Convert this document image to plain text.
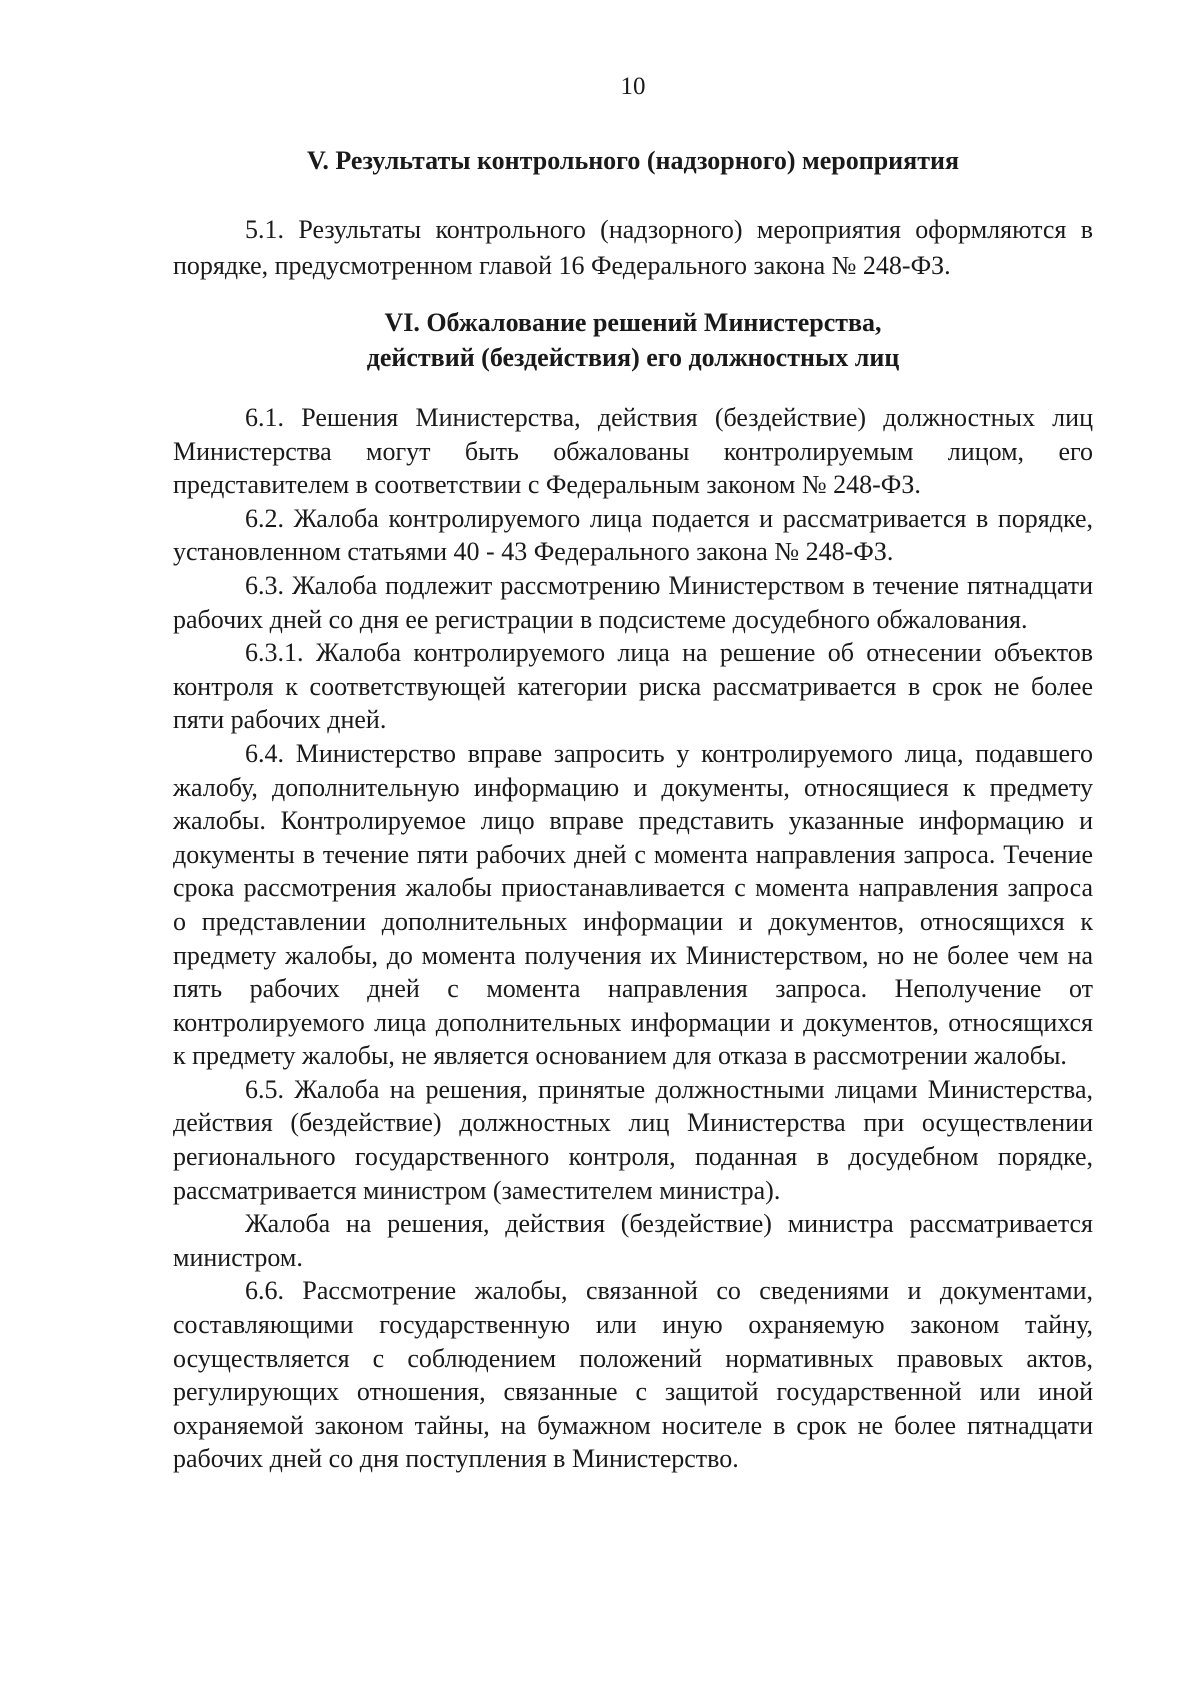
10
V. Результаты контрольного (надзорного) мероприятия

5.1. Результаты контрольного (надзорного) мероприятия оформляются в порядке, предусмотренном главой 16 Федерального закона № 248-ФЗ.

VI. Обжалование решений Министерства,
действий (бездействия) его должностных лиц

6.1. Решения Министерства, действия (бездействие) должностных лиц Министерства могут быть обжалованы контролируемым лицом, его представителем в соответствии с Федеральным законом № 248-ФЗ.

6.2. Жалоба контролируемого лица подается и рассматривается в порядке, установленном статьями 40 - 43 Федерального закона № 248-ФЗ.

6.3. Жалоба подлежит рассмотрению Министерством в течение пятнадцати рабочих дней со дня ее регистрации в подсистеме досудебного обжалования.

6.3.1. Жалоба контролируемого лица на решение об отнесении объектов контроля к соответствующей категории риска рассматривается в срок не более пяти рабочих дней.

6.4. Министерство вправе запросить у контролируемого лица, подавшего жалобу, дополнительную информацию и документы, относящиеся к предмету жалобы. Контролируемое лицо вправе представить указанные информацию и документы в течение пяти рабочих дней с момента направления запроса. Течение срока рассмотрения жалобы приостанавливается с момента направления запроса о представлении дополнительных информации и документов, относящихся к предмету жалобы, до момента получения их Министерством, но не более чем на пять рабочих дней с момента направления запроса. Неполучение от контролируемого лица дополнительных информации и документов, относящихся к предмету жалобы, не является основанием для отказа в рассмотрении жалобы.

6.5. Жалоба на решения, принятые должностными лицами Министерства, действия (бездействие) должностных лиц Министерства при осуществлении регионального государственного контроля, поданная в досудебном порядке, рассматривается министром (заместителем министра).

Жалоба на решения, действия (бездействие) министра рассматривается министром.

6.6. Рассмотрение жалобы, связанной со сведениями и документами, составляющими государственную или иную охраняемую законом тайну, осуществляется с соблюдением положений нормативных правовых актов, регулирующих отношения, связанные с защитой государственной или иной охраняемой законом тайны, на бумажном носителе в срок не более пятнадцати рабочих дней со дня поступления в Министерство.
